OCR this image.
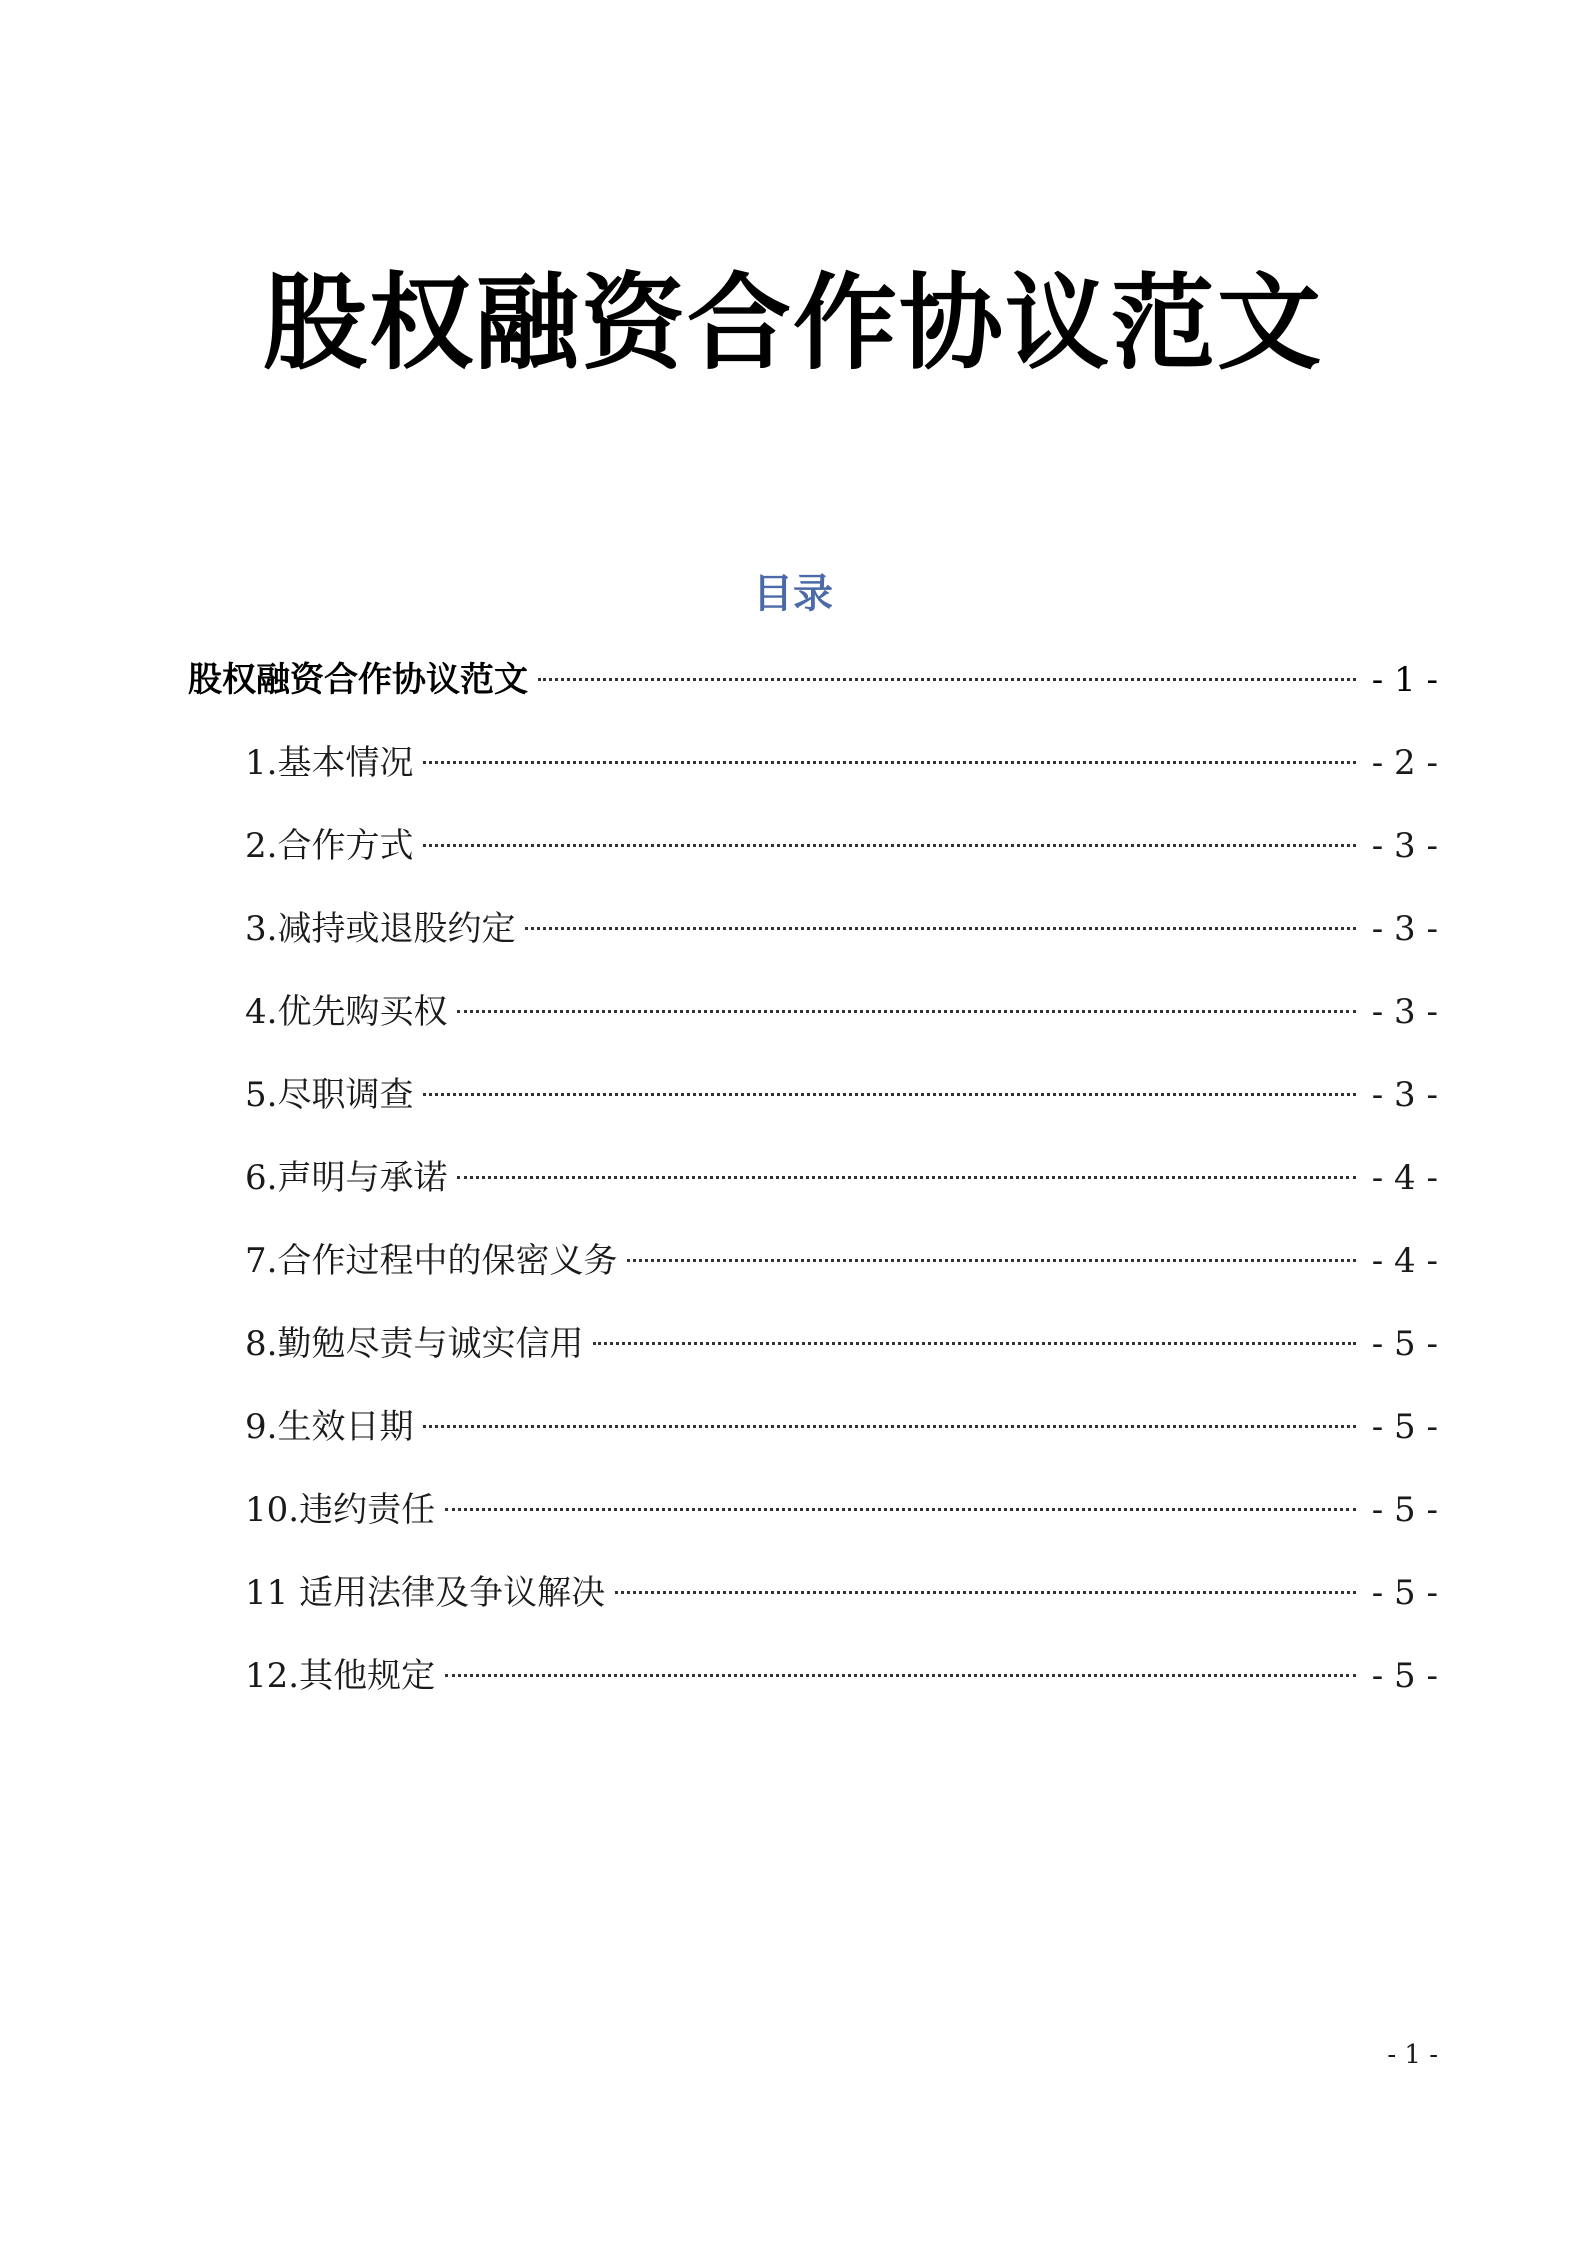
股权融资合作协议范文
目录
股权融资合作协议范文	- 1 -
1.基本情况	- 2 -
2.合作方式	- 3 -
3.减持或退股约定	- 3 -
4.优先购买权	- 3 -
5.尽职调查	- 3 -
6.声明与承诺	- 4 -
7.合作过程中的保密义务	- 4 -
8.勤勉尽责与诚实信用	- 5 -
9.生效日期	- 5 -
10.违约责任	- 5 -
11 适用法律及争议解决	- 5 -
12.其他规定	- 5 -

- 1 -
